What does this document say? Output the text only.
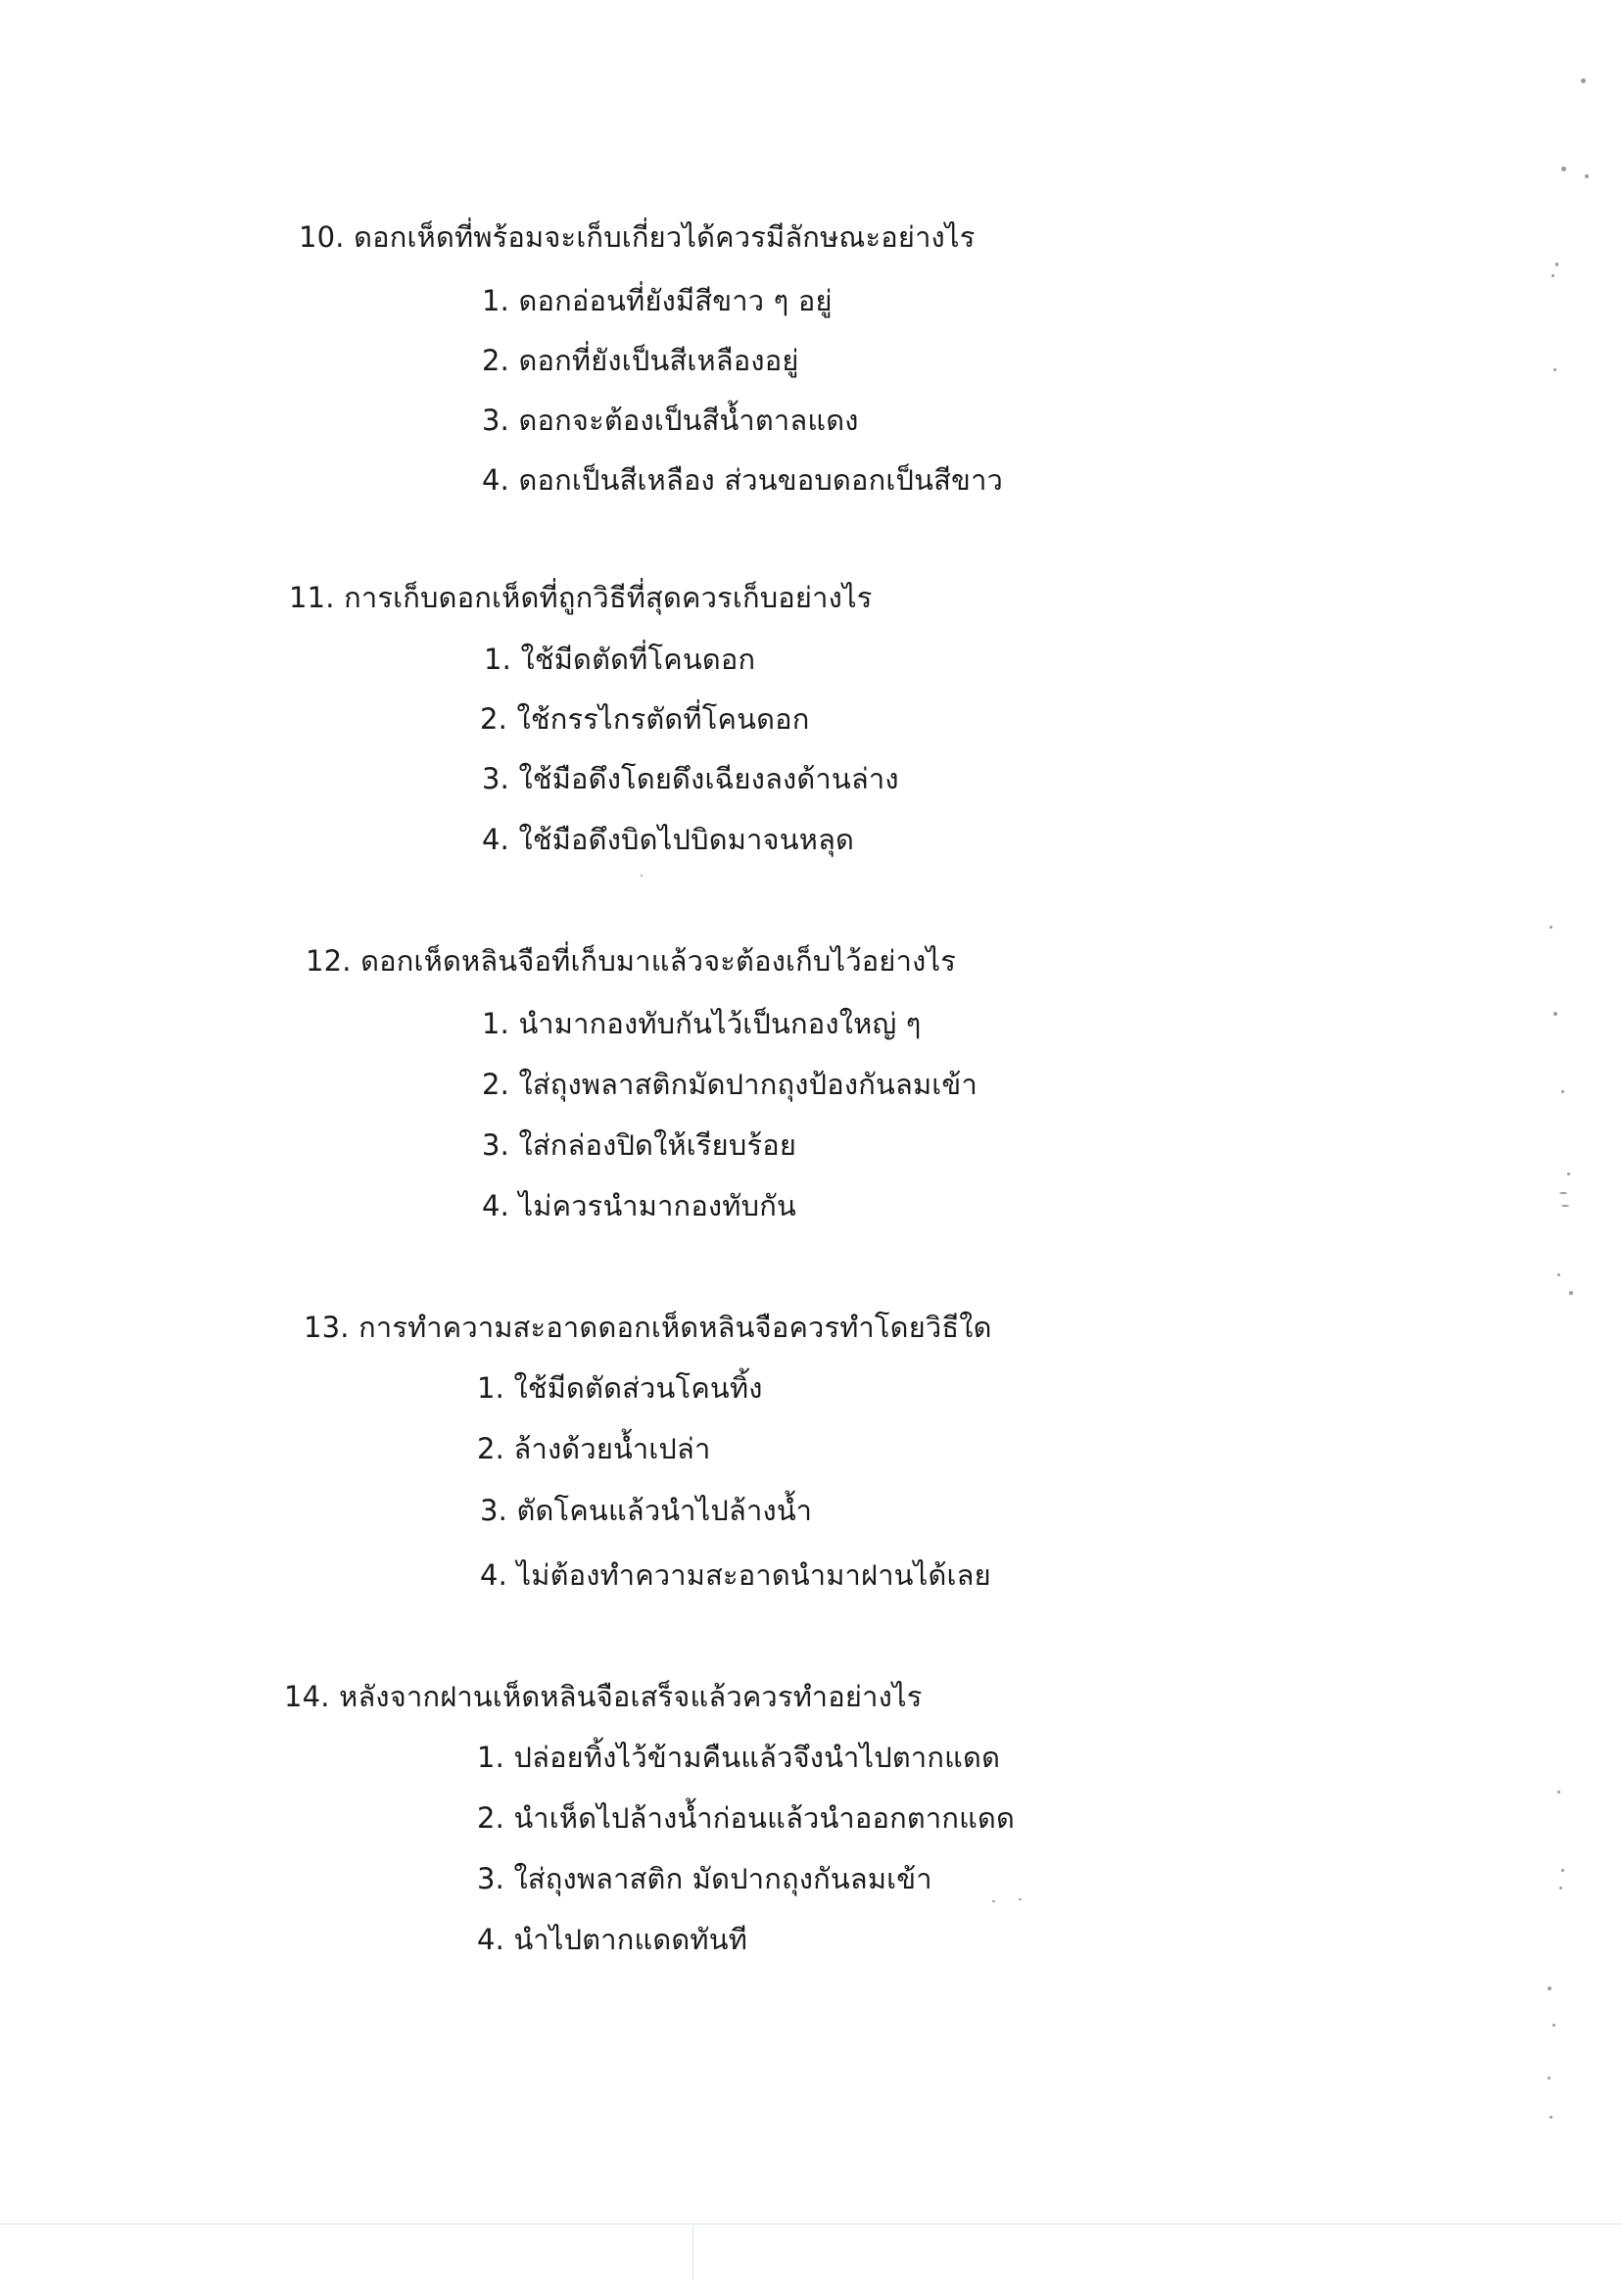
10. ดอกเห็ดที่พร้อมจะเก็บเกี่ยวได้ควรมีลักษณะอย่างไร
1. ดอกอ่อนที่ยังมีสีขาว ๆ อยู่
2. ดอกที่ยังเป็นสีเหลืองอยู่
3. ดอกจะต้องเป็นสีน้ำตาลแดง
4. ดอกเป็นสีเหลือง ส่วนขอบดอกเป็นสีขาว
11. การเก็บดอกเห็ดที่ถูกวิธีที่สุดควรเก็บอย่างไร
1. ใช้มีดตัดที่โคนดอก
2. ใช้กรรไกรตัดที่โคนดอก
3. ใช้มือดึงโดยดึงเฉียงลงด้านล่าง
4. ใช้มือดึงบิดไปบิดมาจนหลุด
12. ดอกเห็ดหลินจือที่เก็บมาแล้วจะต้องเก็บไว้อย่างไร
1. นำมากองทับกันไว้เป็นกองใหญ่ ๆ
2. ใส่ถุงพลาสติกมัดปากถุงป้องกันลมเข้า
3. ใส่กล่องปิดให้เรียบร้อย
4. ไม่ควรนำมากองทับกัน
13. การทำความสะอาดดอกเห็ดหลินจือควรทำโดยวิธีใด
1. ใช้มีดตัดส่วนโคนทิ้ง
2. ล้างด้วยน้ำเปล่า
3. ตัดโคนแล้วนำไปล้างน้ำ
4. ไม่ต้องทำความสะอาดนำมาฝานได้เลย
14. หลังจากฝานเห็ดหลินจือเสร็จแล้วควรทำอย่างไร
1. ปล่อยทิ้งไว้ข้ามคืนแล้วจึงนำไปตากแดด
2. นำเห็ดไปล้างน้ำก่อนแล้วนำออกตากแดด
3. ใส่ถุงพลาสติก มัดปากถุงกันลมเข้า
4. นำไปตากแดดทันที
